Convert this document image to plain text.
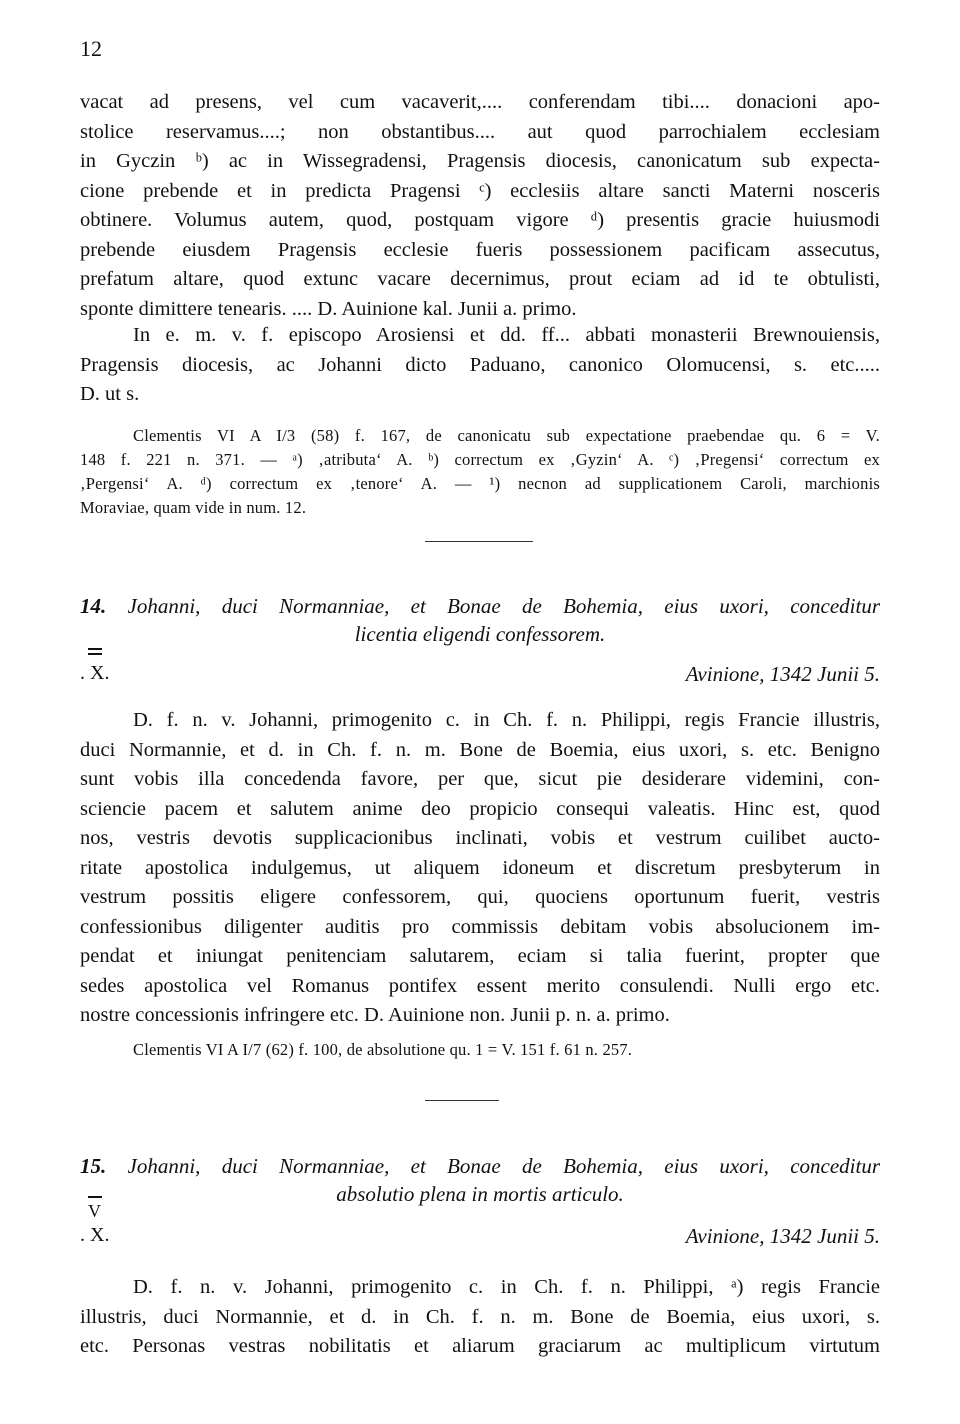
12
vacat ad presens, vel cum vacaverit,.... conferendam tibi.... donacioni apo-
stolice reservamus....; non obstantibus.... aut quod parrochialem ecclesiam
in Gyczin ᵇ) ac in Wissegradensi, Pragensis diocesis, canonicatum sub expecta-
cione prebende et in predicta Pragensi ᶜ) ecclesiis altare sancti Materni nosceris
obtinere. Volumus autem, quod, postquam vigore ᵈ) presentis gracie huiusmodi
prebende eiusdem Pragensis ecclesie fueris possessionem pacificam assecutus,
prefatum altare, quod extunc vacare decernimus, prout eciam ad id te obtulisti,
sponte dimittere tenearis. .... D. Auinione kal. Junii a. primo.
In e. m. v. f. episcopo Arosiensi et dd. ff... abbati monasterii Brewnouiensis,
Pragensis diocesis, ac Johanni dicto Paduano, canonico Olomucensi, s. etc.....
D. ut s.
Clementis VI A I/3 (58) f. 167, de canonicatu sub expectatione praebendae qu. 6 = V.
148 f. 221 n. 371. — ᵃ) ‚atributa‘ A. ᵇ) correctum ex ‚Gyzin‘ A. ᶜ) ‚Pregensi‘ correctum ex
‚Pergensi‘ A. ᵈ) correctum ex ‚tenore‘ A. — ¹) necnon ad supplicationem Caroli, marchionis
Moraviae, quam vide in num. 12.
14. Johanni, duci Normanniae, et Bonae de Bohemia, eius uxori, conceditur
licentia eligendi confessorem.
. X.	Avinione, 1342 Junii 5.
D. f. n. v. Johanni, primogenito c. in Ch. f. n. Philippi, regis Francie illustris,
duci Normannie, et d. in Ch. f. n. m. Bone de Boemia, eius uxori, s. etc. Benigno
sunt vobis illa concedenda favore, per que, sicut pie desiderare videmini, con-
sciencie pacem et salutem anime deo propicio consequi valeatis. Hinc est, quod
nos, vestris devotis supplicacionibus inclinati, vobis et vestrum cuilibet aucto-
ritate apostolica indulgemus, ut aliquem idoneum et discretum presbyterum in
vestrum possitis eligere confessorem, qui, quociens oportunum fuerit, vestris
confessionibus diligenter auditis pro commissis debitam vobis absolucionem im-
pendat et iniungat penitenciam salutarem, eciam si talia fuerint, propter que
sedes apostolica vel Romanus pontifex essent merito consulendi. Nulli ergo etc.
nostre concessionis infringere etc. D. Auinione non. Junii p. n. a. primo.
Clementis VI A I/7 (62) f. 100, de absolutione qu. 1 = V. 151 f. 61 n. 257.
15. Johanni, duci Normanniae, et Bonae de Bohemia, eius uxori, conceditur
absolutio plena in mortis articulo.
V
. X.	Avinione, 1342 Junii 5.
D. f. n. v. Johanni, primogenito c. in Ch. f. n. Philippi, ᵃ) regis Francie
illustris, duci Normannie, et d. in Ch. f. n. m. Bone de Boemia, eius uxori, s.
etc. Personas vestras nobilitatis et aliarum graciarum ac multiplicum virtutum
